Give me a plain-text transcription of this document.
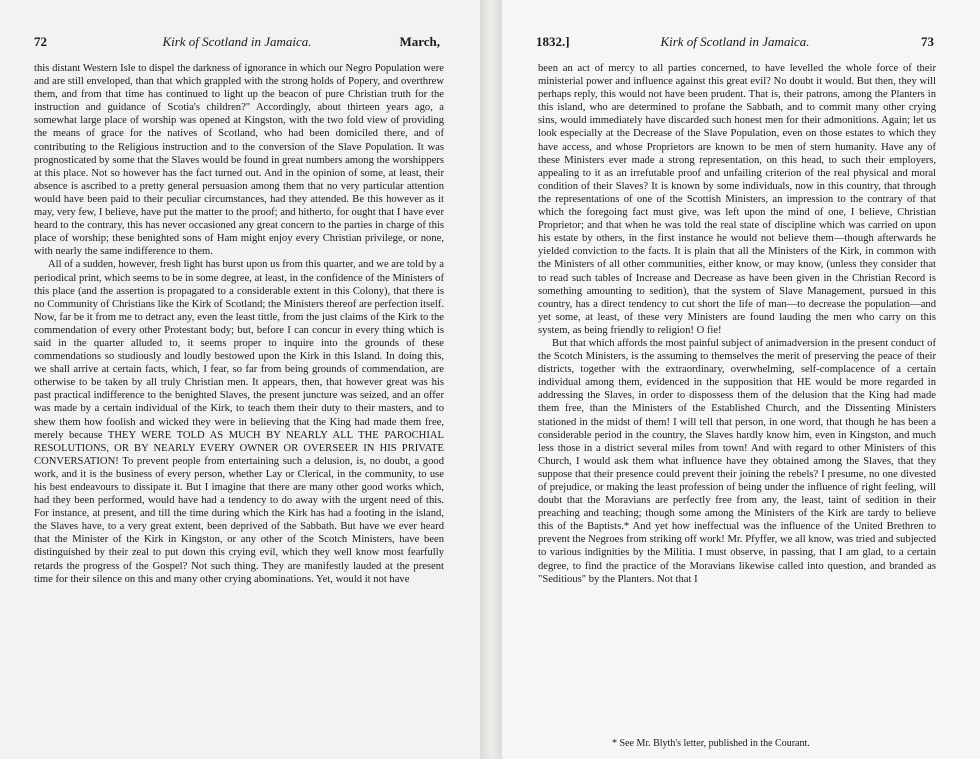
72	Kirk of Scotland in Jamaica.	March,

this distant Western Isle to dispel the darkness of ignorance in which our Negro Population were and are still enveloped, than that which grappled with the strong holds of Popery, and overthrew them, and from that time has continued to light up the beacon of pure Christian truth for the instruction and guidance of Scotia's children?" Accordingly, about thirteen years ago, a somewhat large place of worship was opened at Kingston, with the two fold view of providing the means of grace for the natives of Scotland, who had been domiciled there, and of contributing to the Religious instruction and to the conversion of the Slave Population. It was prognosticated by some that the Slaves would be found in great numbers among the worshippers at this place. Not so however has the fact turned out. And in the opinion of some, at least, their absence is ascribed to a pretty general persuasion among them that no very particular attention would have been paid to their peculiar circumstances, had they attended. Be this however as it may, very few, I believe, have put the matter to the proof; and hitherto, for ought that I have ever heard to the contrary, this has never occasioned any great concern to the parties in charge of this place of worship; these benighted sons of Ham might enjoy every Christian privilege, or none, with nearly the same indifference to them.

All of a sudden, however, fresh light has burst upon us from this quarter, and we are told by a periodical print, which seems to be in some degree, at least, in the confidence of the Ministers of this place (and the assertion is propagated to a considerable extent in this Colony), that there is no Community of Christians like the Kirk of Scotland; the Ministers thereof are perfection itself. Now, far be it from me to detract any, even the least tittle, from the just claims of the Kirk to the commendation of every other Protestant body; but, before I can concur in every thing which is said in the quarter alluded to, it seems proper to inquire into the grounds of these commendations so studiously and loudly bestowed upon the Kirk in this Island. In doing this, we shall arrive at certain facts, which, I fear, so far from being grounds of commendation, are otherwise to be taken by all truly Christian men. It appears, then, that however great was his past practical indifference to the benighted Slaves, the present juncture was seized, and an offer was made by a certain individual of the Kirk, to teach them their duty to their masters, and to shew them how foolish and wicked they were in believing that the King had made them free, merely because THEY WERE TOLD AS MUCH BY NEARLY ALL THE PAROCHIAL RESOLUTIONS, OR BY NEARLY EVERY OWNER OR OVERSEER IN HIS PRIVATE CONVERSATION! To prevent people from entertaining such a delusion, is, no doubt, a good work, and it is the business of every person, whether Lay or Clerical, in the community, to use his best endeavours to dissipate it. But I imagine that there are many other good works which, had they been performed, would have had a tendency to do away with the urgent need of this. For instance, at present, and till the time during which the Kirk has had a footing in the island, the Slaves have, to a very great extent, been deprived of the Sabbath. But have we ever heard that the Minister of the Kirk in Kingston, or any other of the Scotch Ministers, have been distinguished by their zeal to put down this crying evil, which they well know most fearfully retards the progress of the Gospel? Not such thing. They are manifestly lauded at the present time for their silence on this and many other crying abominations. Yet, would it not have

1832.]	Kirk of Scotland in Jamaica.	73

been an act of mercy to all parties concerned, to have levelled the whole force of their ministerial power and influence against this great evil? No doubt it would. But then, they will perhaps reply, this would not have been prudent. That is, their patrons, among the Planters in this island, who are determined to profane the Sabbath, and to commit many other crying sins, would immediately have discarded such honest men for their admonitions. Again; let us look especially at the Decrease of the Slave Population, even on those estates to which they have access, and whose Proprietors are known to be men of stern humanity. Have any of these Ministers ever made a strong representation, on this head, to such their employers, appealing to it as an irrefutable proof and unfailing criterion of the real physical and moral condition of their Slaves? It is known by some individuals, now in this country, that through the representations of one of the Scottish Ministers, an impression to the contrary of that which the foregoing fact must give, was left upon the mind of one, I believe, Christian Proprietor; and that when he was told the real state of discipline which was carried on upon his estate by others, in the first instance he would not believe them—though afterwards he yielded conviction to the facts. It is plain that all the Ministers of the Kirk, in common with the Ministers of all other communities, either know, or may know, (unless they consider that to read such tables of Increase and Decrease as have been given in the Christian Record is something amounting to sedition), that the system of Slave Management, pursued in this country, has a direct tendency to cut short the life of man—to decrease the population—and yet some, at least, of these very Ministers are found lauding the men who carry on this system, as being friendly to religion! O fie!

But that which affords the most painful subject of animadversion in the present conduct of the Scotch Ministers, is the assuming to themselves the merit of preserving the peace of their districts, together with the extraordinary, overwhelming, self-complacence of a certain individual among them, evidenced in the supposition that HE would be more regarded in addressing the Slaves, in order to dispossess them of the delusion that the King had made them free, than the Ministers of the Established Church, and the Dissenting Ministers stationed in the midst of them! I will tell that person, in one word, that though he has been a considerable period in the country, the Slaves hardly know him, even in Kingston, and much less those in a district several miles from town! And with regard to other Ministers of this Church, I would ask them what influence have they obtained among the Slaves, that they suppose that their presence could prevent their joining the rebels? I presume, no one divested of prejudice, or making the least profession of being under the influence of right feeling, will doubt that the Moravians are perfectly free from any, the least, taint of sedition in their preaching and teaching; though some among the Ministers of the Kirk are tardy to believe this of the Baptists.* And yet how ineffectual was the influence of the United Brethren to prevent the Negroes from striking off work! Mr. Pfyffer, we all know, was tried and subjected to various indignities by the Militia. I must observe, in passing, that I am glad, to a certain degree, to find the practice of the Moravians likewise called into question, and branded as "Seditious" by the Planters. Not that I

* See Mr. Blyth's letter, published in the Courant.
